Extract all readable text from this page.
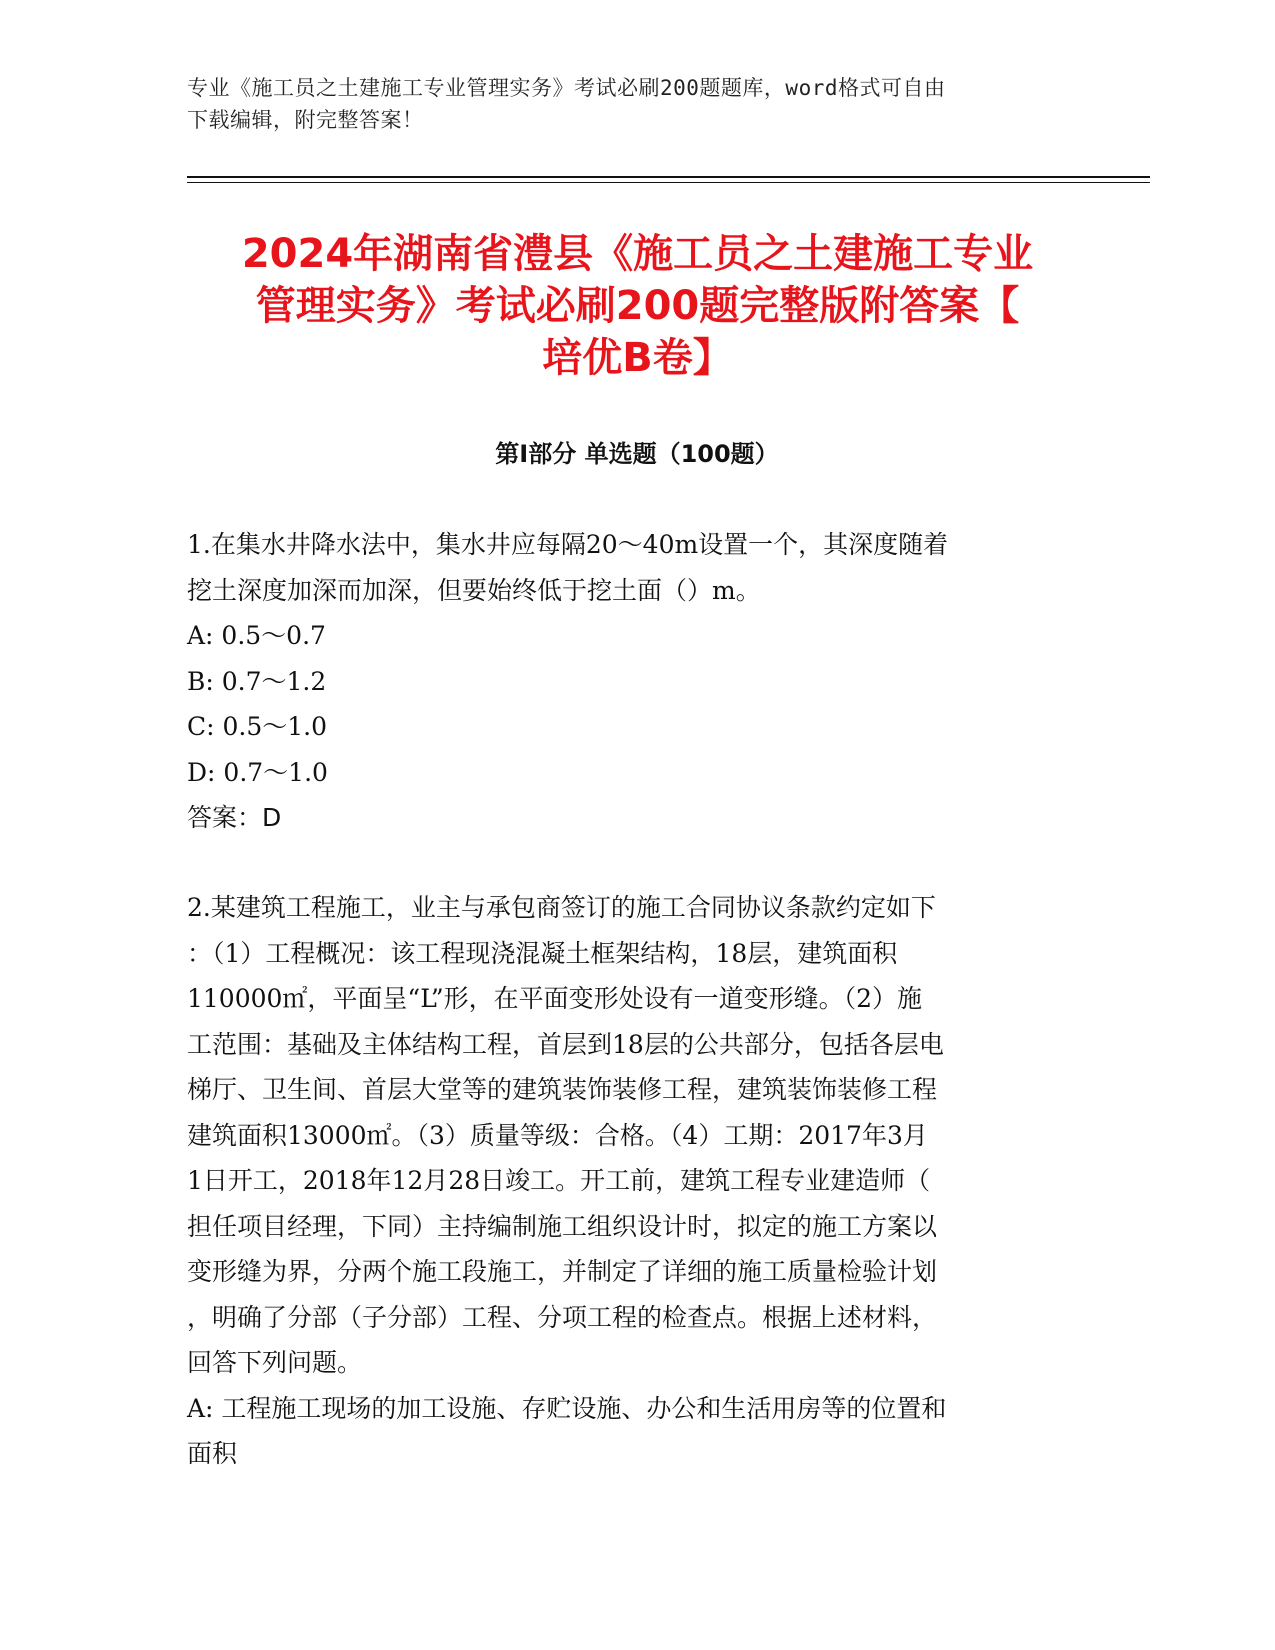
专业《施工员之土建施工专业管理实务》考试必刷200题题库，word格式可自由
下载编辑，附完整答案！
2024年湖南省澧县《施工员之土建施工专业
管理实务》考试必刷200题完整版附答案【
培优B卷】
第Ⅰ部分 单选题（100题）
1.在集水井降水法中，集水井应每隔20～40m设置一个，其深度随着
挖土深度加深而加深，但要始终低于挖土面（）m。
A: 0.5～0.7
B: 0.7～1.2
C: 0.5～1.0
D: 0.7～1.0
答案：D
2.某建筑工程施工，业主与承包商签订的施工合同协议条款约定如下
：（1）工程概况：该工程现浇混凝土框架结构，18层，建筑面积
110000㎡，平面呈“L”形，在平面变形处设有一道变形缝。（2）施
工范围：基础及主体结构工程，首层到18层的公共部分，包括各层电
梯厅、卫生间、首层大堂等的建筑装饰装修工程，建筑装饰装修工程
建筑面积13000㎡。（3）质量等级：合格。（4）工期：2017年3月
1日开工，2018年12月28日竣工。开工前，建筑工程专业建造师（
担任项目经理，下同）主持编制施工组织设计时，拟定的施工方案以
变形缝为界，分两个施工段施工，并制定了详细的施工质量检验计划
，明确了分部（子分部）工程、分项工程的检查点。根据上述材料，
回答下列问题。
A: 工程施工现场的加工设施、存贮设施、办公和生活用房等的位置和
面积
